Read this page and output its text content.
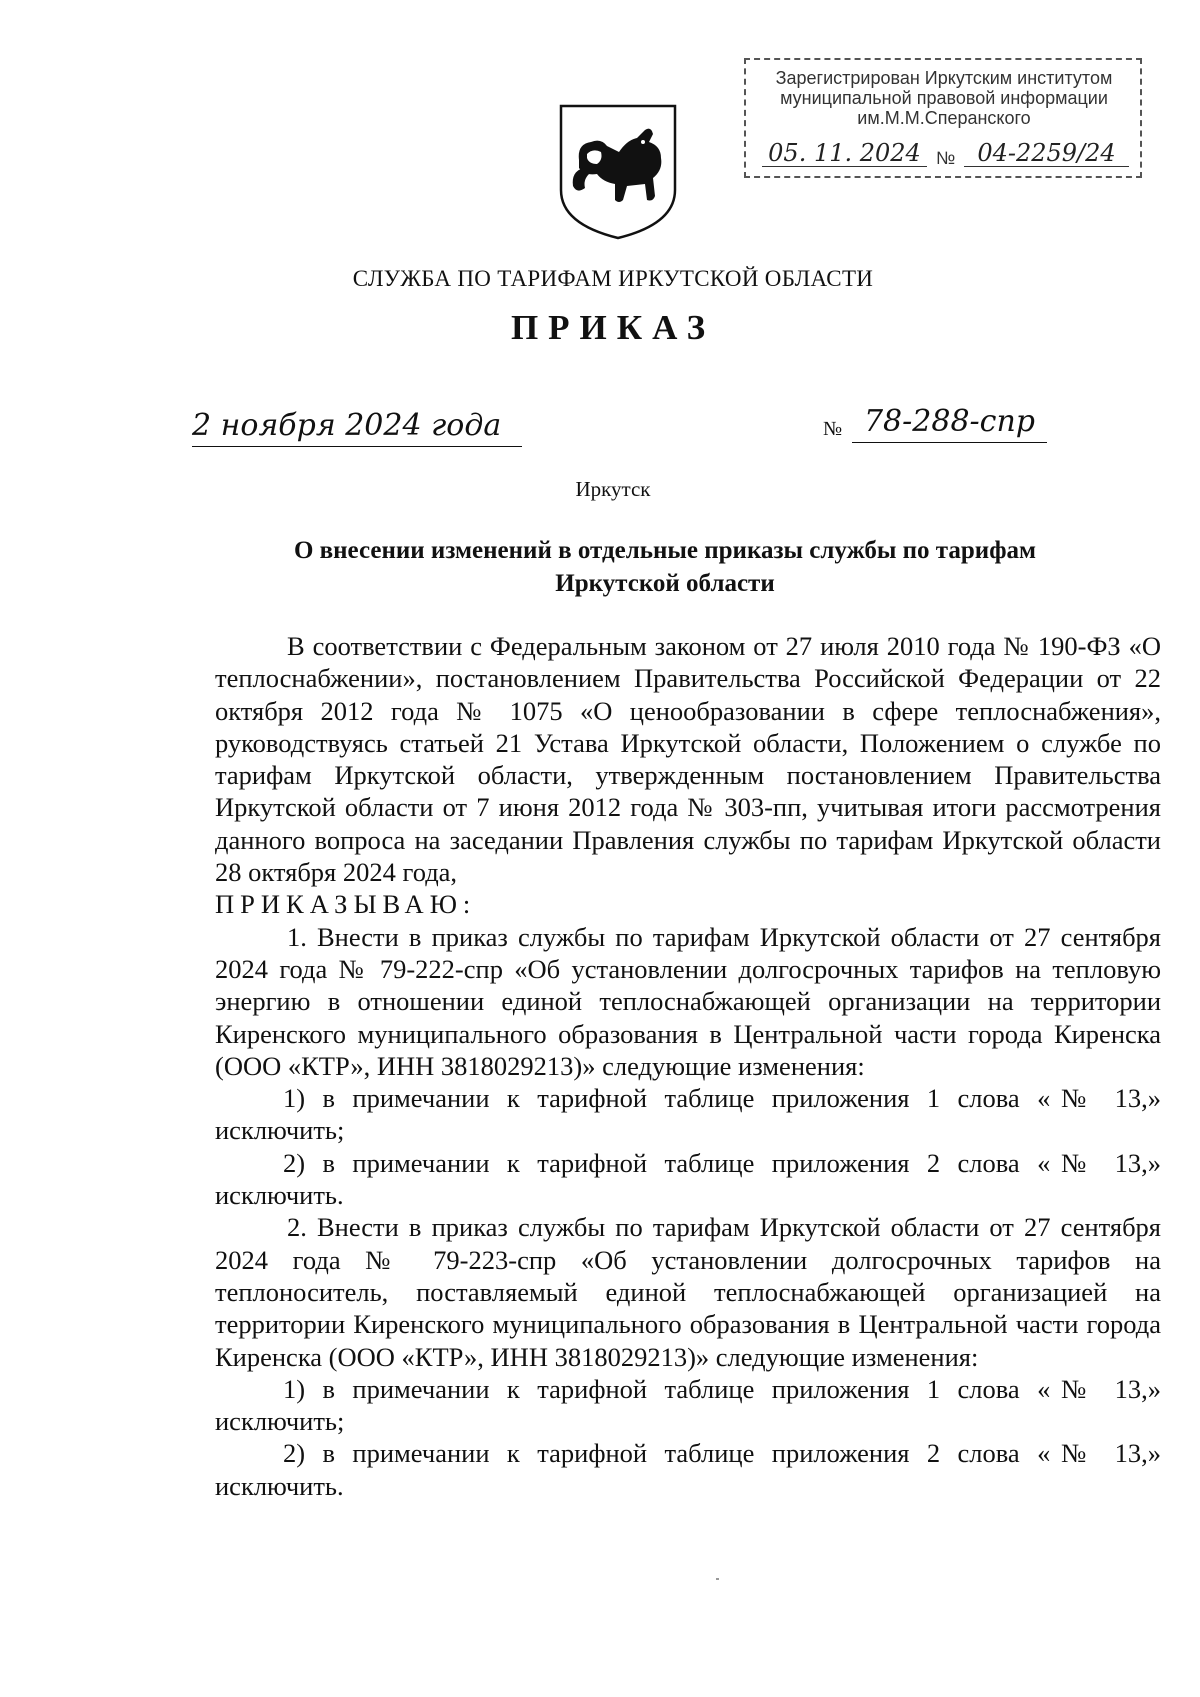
Зарегистрирован Иркутским институтом
муниципальной правовой информации
им.М.М.Сперанского
05. 11. 2024 № 04-2259/24
СЛУЖБА ПО ТАРИФАМ ИРКУТСКОЙ ОБЛАСТИ
ПРИКАЗ
2 ноября 2024 года	№ 78-288-спр
Иркутск
О внесении изменений в отдельные приказы службы по тарифам
Иркутской области

В соответствии с Федеральным законом от 27 июля 2010 года № 190-ФЗ «О теплоснабжении», постановлением Правительства Российской Федерации от 22 октября 2012 года № 1075 «О ценообразовании в сфере теплоснабжения», руководствуясь статьей 21 Устава Иркутской области, Положением о службе по тарифам Иркутской области, утвержденным постановлением Правительства Иркутской области от 7 июня 2012 года № 303-пп, учитывая итоги рассмотрения данного вопроса на заседании Правления службы по тарифам Иркутской области 28 октября 2024 года,

ПРИКАЗЫВАЮ:

1. Внести в приказ службы по тарифам Иркутской области от 27 сентября 2024 года № 79-222-спр «Об установлении долгосрочных тарифов на тепловую энергию в отношении единой теплоснабжающей организации на территории Киренского муниципального образования в Центральной части города Киренска (ООО «КТР», ИНН 3818029213)» следующие изменения:

1) в примечании к тарифной таблице приложения 1 слова «№ 13,» исключить;

2) в примечании к тарифной таблице приложения 2 слова «№ 13,» исключить.

2. Внести в приказ службы по тарифам Иркутской области от 27 сентября 2024 года № 79-223-спр «Об установлении долгосрочных тарифов на теплоноситель, поставляемый единой теплоснабжающей организацией на территории Киренского муниципального образования в Центральной части города Киренска (ООО «КТР», ИНН 3818029213)» следующие изменения:

1) в примечании к тарифной таблице приложения 1 слова «№ 13,» исключить;

2) в примечании к тарифной таблице приложения 2 слова «№ 13,» исключить.
